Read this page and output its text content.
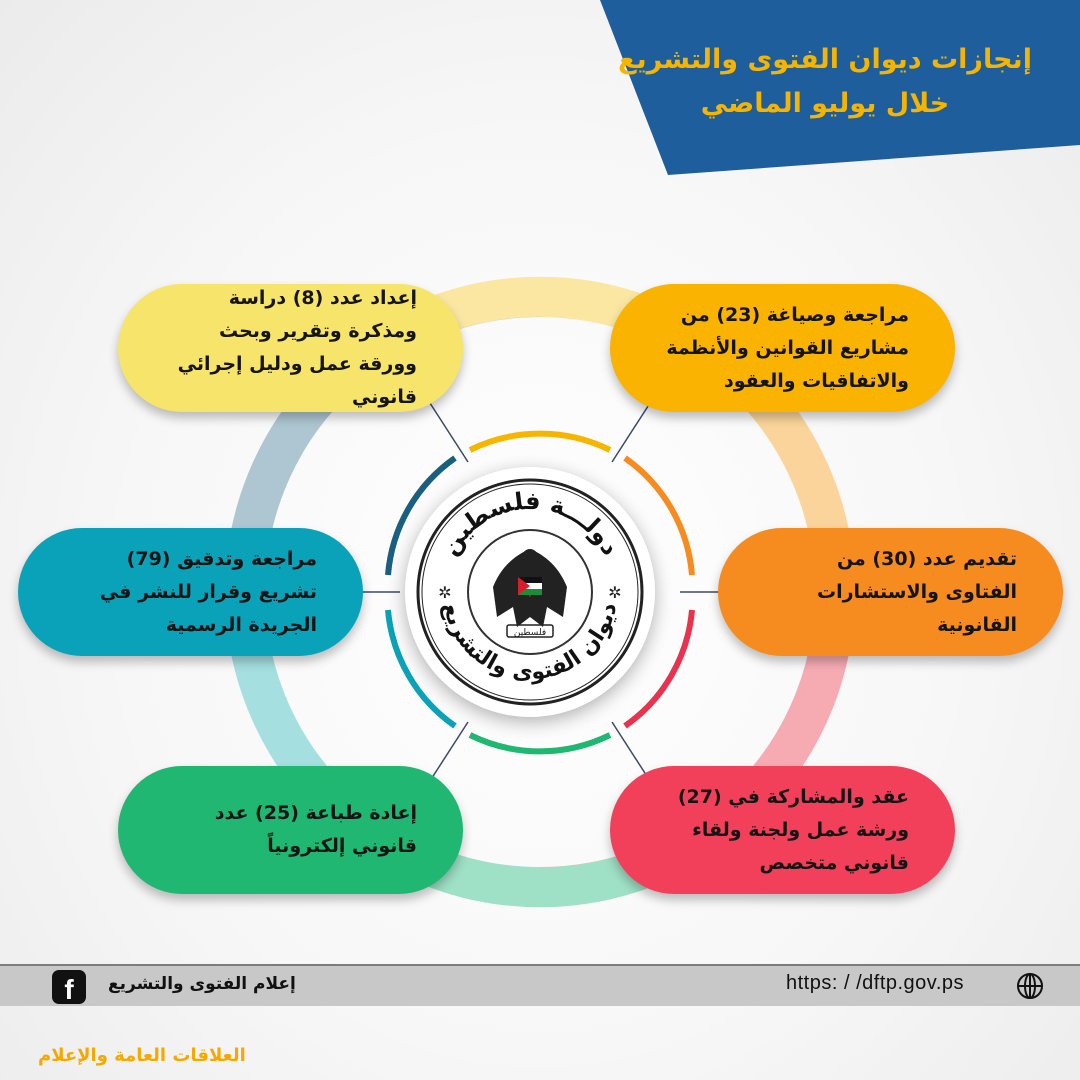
إنجازات ديوان الفتوى والتشريع
خلال يوليو الماضي
مراجعة وصياغة (23) من مشاريع القوانين والأنظمة والاتفاقيات والعقود
تقديم عدد (30) من الفتاوى والاستشارات القانونية
عقد والمشاركة في (27) ورشة عمل ولجنة ولقاء قانوني متخصص
إعادة طباعة (25) عدد قانوني إلكترونياً
مراجعة وتدقيق (79) تشريع وقرار للنشر في الجريدة الرسمية
إعداد عدد (8) دراسة ومذكرة وتقرير وبحث وورقة عمل ودليل إجرائي قانوني
دولـــة فلسطين
ديوان الفتوى والتشريع
✲	✲
فلسطين
f	إعلام الفتوى والتشريع	https: / /dftp.gov.ps
العلاقات العامة والإعلام
